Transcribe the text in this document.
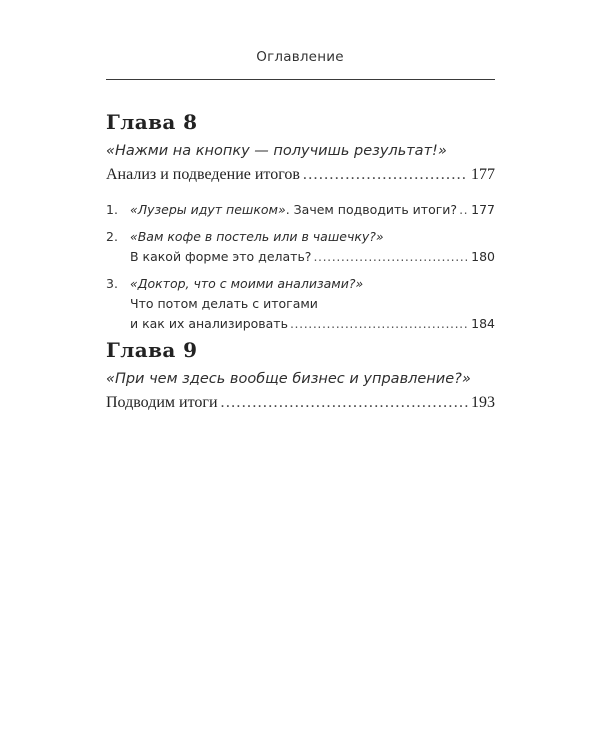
Оглавление
Глава 8
«Нажми на кнопку — получишь результат!»
Анализ и подведение итогов .....	177
1. «Лузеры идут пешком». Зачем подводить итоги? ..... 177
2. «Вам кофе в постель или в чашечку?»
В какой форме это делать? .....	180
3. «Доктор, что с моими анализами?»
Что потом делать с итогами
и как их анализировать .....	184
Глава 9
«При чем здесь вообще бизнес и управление?»
Подводим итоги .....	193
